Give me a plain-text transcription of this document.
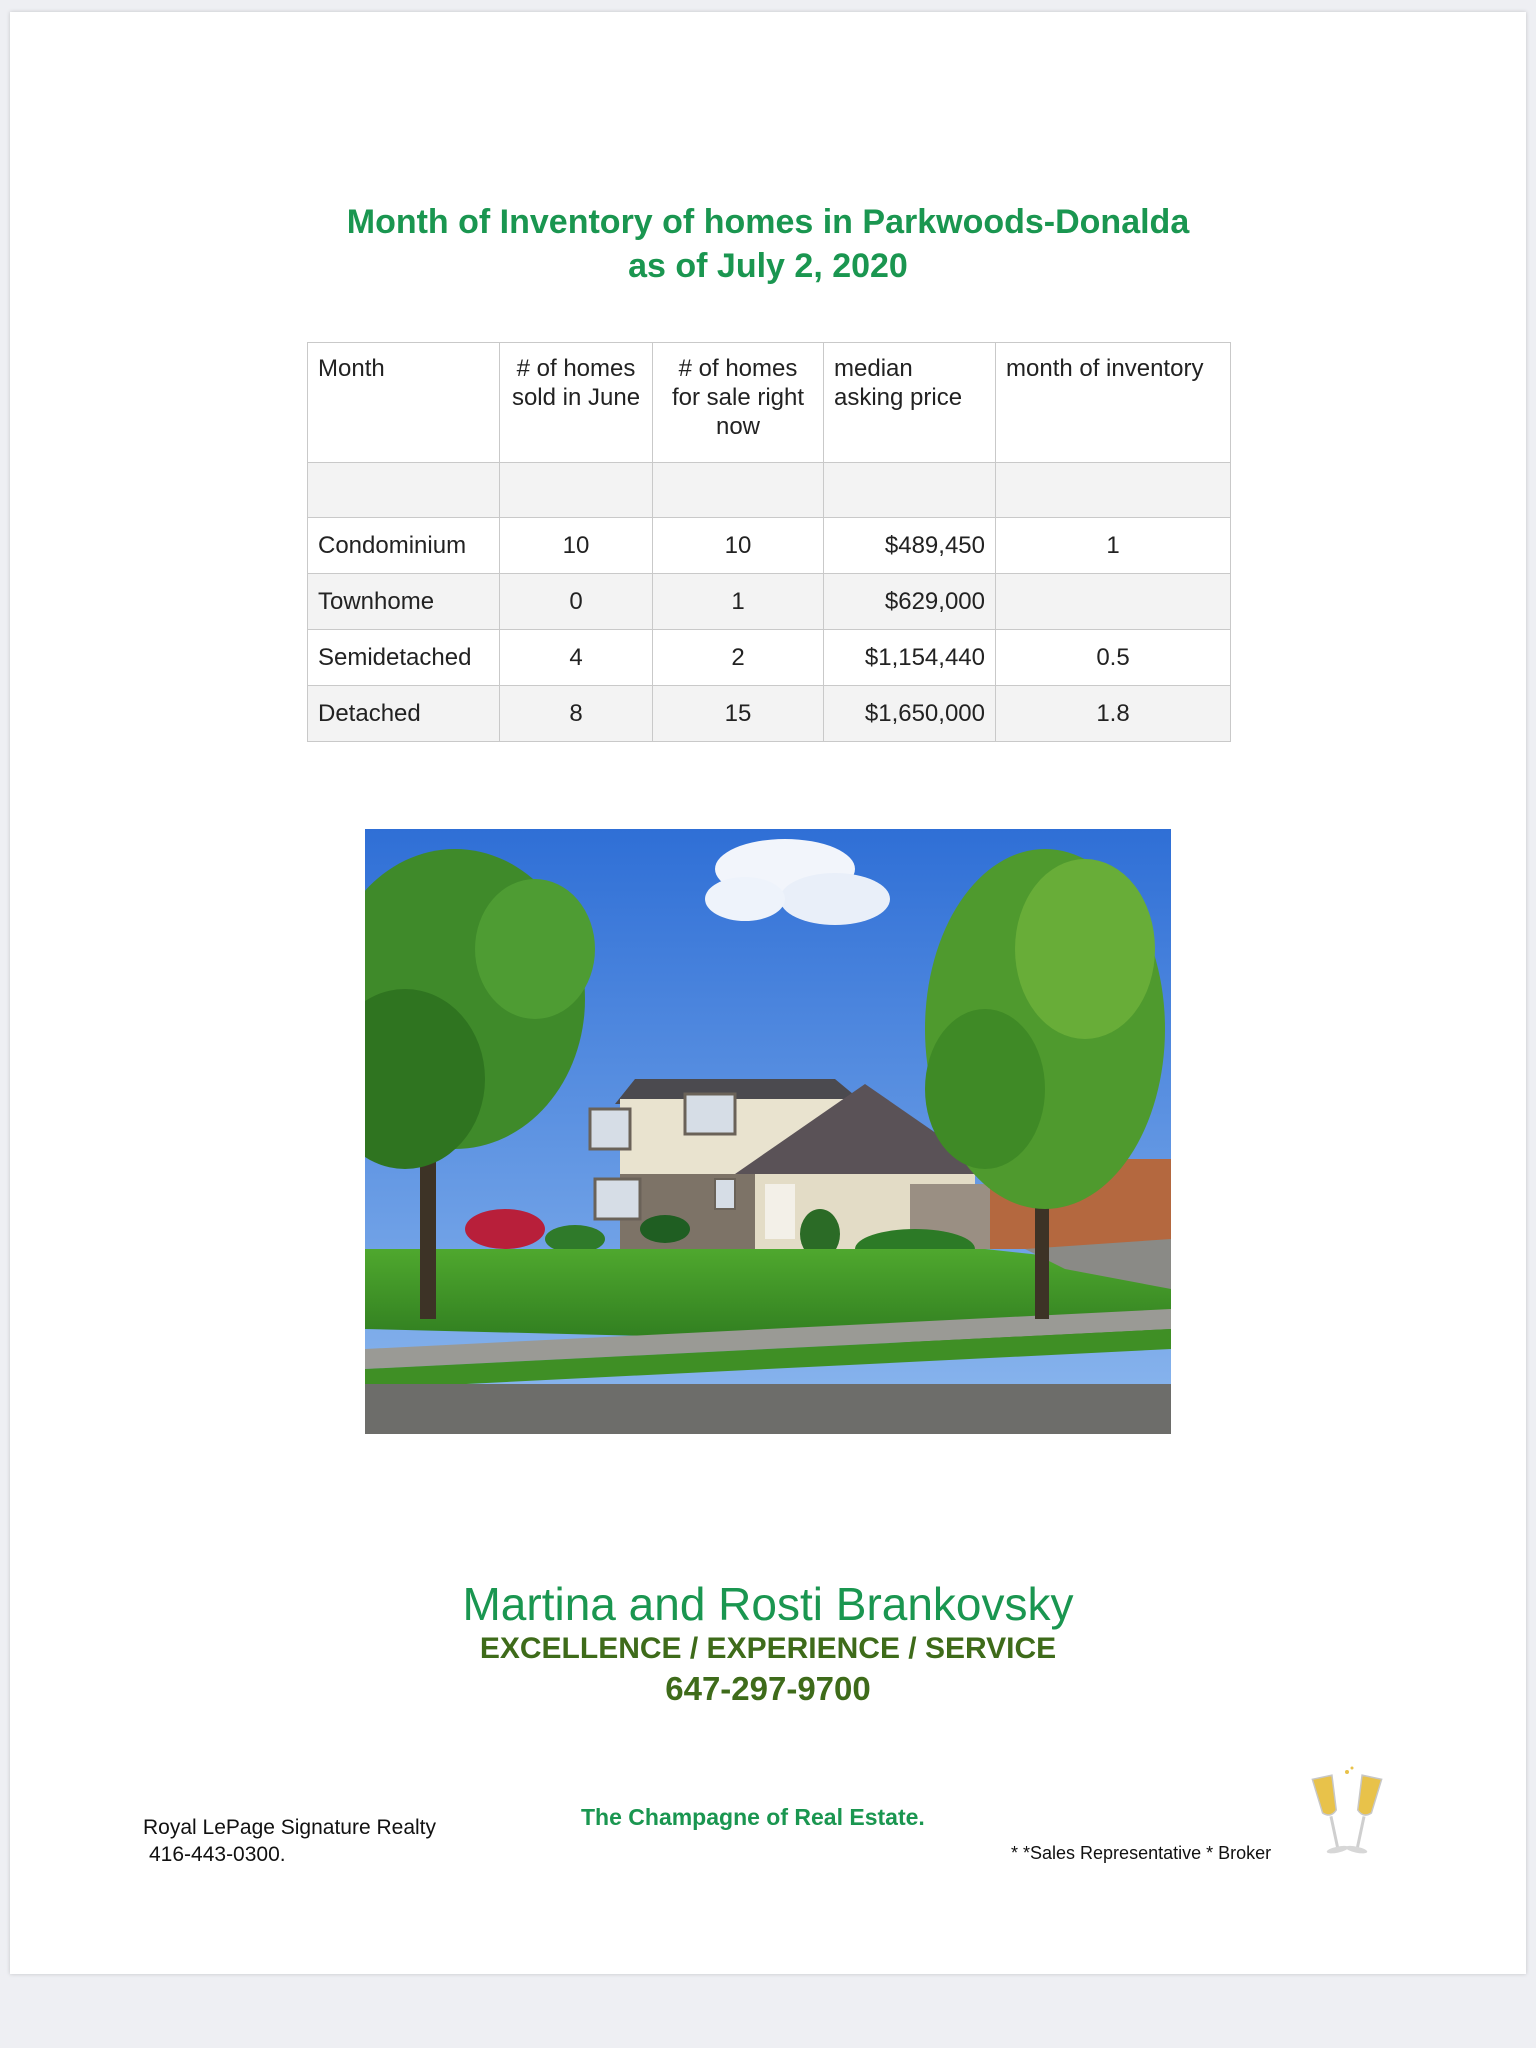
Month of Inventory of homes in Parkwoods-Donalda
as of July 2, 2020
Month	# of homes sold in June	# of homes for sale right now	median asking price	month of inventory

Condominium	10	10	$489,450	1
Townhome	0	1	$629,000	
Semidetached	4	2	$1,154,440	0.5
Detached	8	15	$1,650,000	1.8
Martina and Rosti Brankovsky
EXCELLENCE / EXPERIENCE / SERVICE
647-297-9700
Royal LePage Signature Realty
416-443-0300.
The Champagne of Real Estate.
* *Sales Representative * Broker
